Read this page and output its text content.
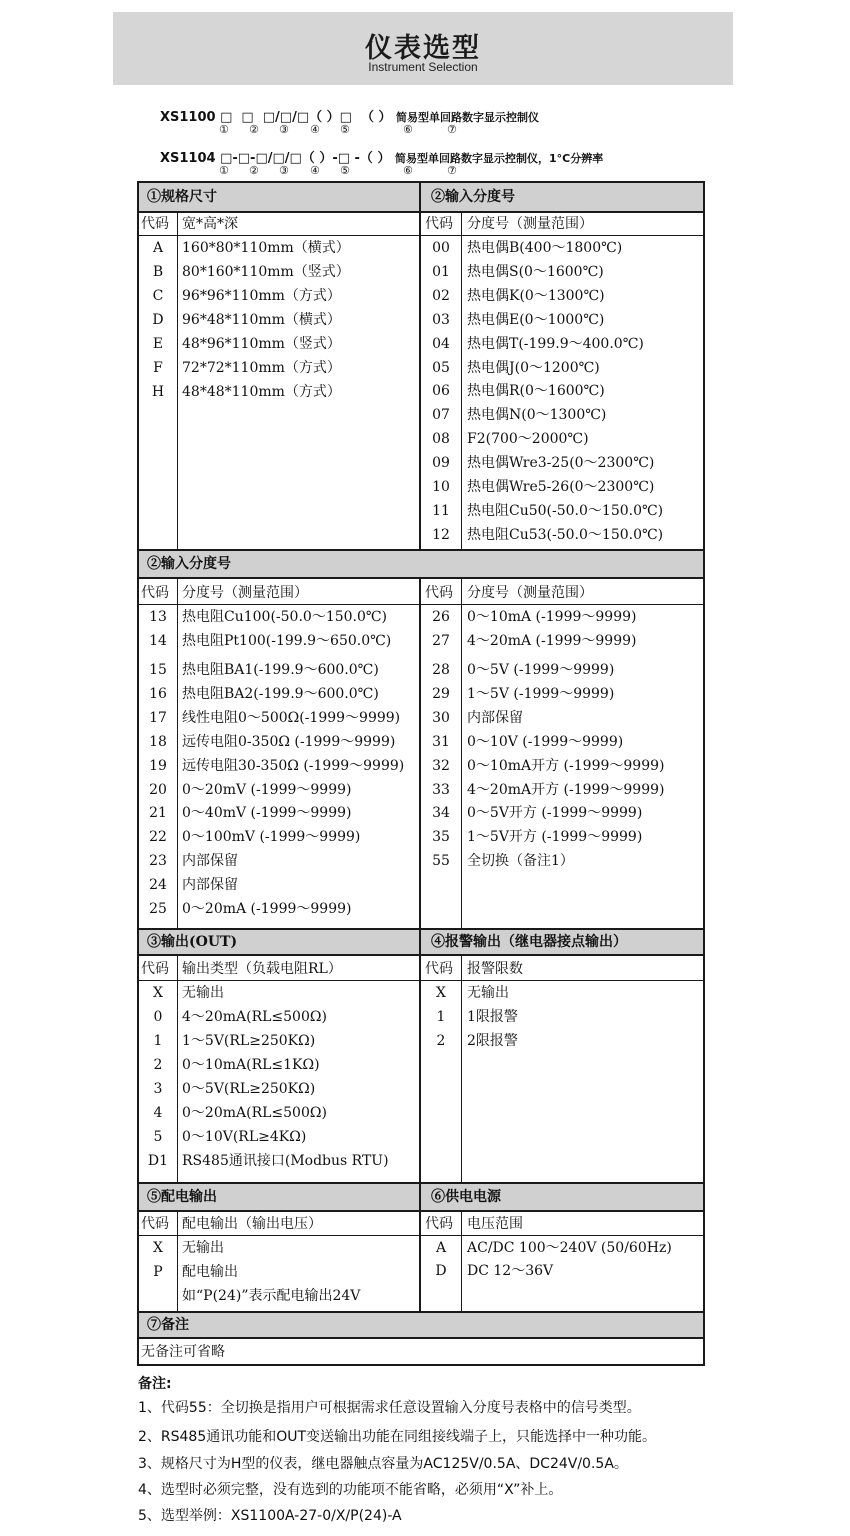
仪表选型
Instrument Selection
XS1100 □  □  □/□/□（ ）□  （ ） 简易型单回路数字显示控制仪
① ② ③ ④ ⑤	⑥	⑦
XS1104 □-□-□/□/□（ ）-□ -（ ） 简易型单回路数字显示控制仪，1°C分辨率
① ② ③ ④ ⑤	⑥	⑦
①规格尺寸	②输入分度号
代码 宽*高*深	代码 分度号（测量范围）
A	160*80*110mm（横式）
B	80*160*110mm（竖式）
C	96*96*110mm（方式）
D	96*48*110mm（横式）
E	48*96*110mm（竖式）
F	72*72*110mm（方式）
H	48*48*110mm（方式）
00	热电偶B(400～1800℃)
01	热电偶S(0～1600℃)
02	热电偶K(0～1300℃)
03	热电偶E(0～1000℃)
04	热电偶T(-199.9～400.0℃)
05	热电偶J(0～1200℃)
06	热电偶R(0～1600℃)
07	热电偶N(0～1300℃)
08	F2(700～2000℃)
09	热电偶Wre3-25(0～2300℃)
10	热电偶Wre5-26(0～2300℃)
11	热电阻Cu50(-50.0～150.0℃)
12	热电阻Cu53(-50.0～150.0℃)
②输入分度号
代码 分度号（测量范围）	代码 分度号（测量范围）
13	热电阻Cu100(-50.0～150.0℃)
14	热电阻Pt100(-199.9～650.0℃)
15	热电阻BA1(-199.9～600.0℃)
16	热电阻BA2(-199.9～600.0℃)
17	线性电阻0～500Ω(-1999～9999)
18	远传电阻0-350Ω (-1999～9999)
19	远传电阻30-350Ω (-1999～9999)
20	0～20mV (-1999～9999)
21	0～40mV (-1999～9999)
22	0～100mV (-1999～9999)
23	内部保留
24	内部保留
25	0～20mA (-1999～9999)
26	0～10mA (-1999～9999)
27	4～20mA (-1999～9999)
28	0～5V (-1999～9999)
29	1～5V (-1999～9999)
30	内部保留
31	0～10V (-1999～9999)
32	0～10mA开方 (-1999～9999)
33	4～20mA开方 (-1999～9999)
34	0～5V开方 (-1999～9999)
35	1～5V开方 (-1999～9999)
55	全切换（备注1）
③输出(OUT)	④报警输出（继电器接点输出）
代码 输出类型（负载电阻RL）	代码 报警限数
X	无输出
0	4～20mA(RL≤500Ω)
1	1～5V(RL≥250KΩ)
2	0～10mA(RL≤1KΩ)
3	0～5V(RL≥250KΩ)
4	0～20mA(RL≤500Ω)
5	0～10V(RL≥4KΩ)
D1 RS485通讯接口(Modbus RTU)
X	无输出
1	1限报警
2	2限报警
⑤配电输出	⑥供电电源
代码 配电输出（输出电压）	代码 电压范围
X	无输出
P	配电输出
如“P(24)”表示配电输出24V
A	AC/DC 100～240V (50/60Hz)
D	DC 12～36V
⑦备注
无备注可省略
备注:
1、代码55：全切换是指用户可根据需求任意设置输入分度号表格中的信号类型。
2、RS485通讯功能和OUT变送输出功能在同组接线端子上，只能选择中一种功能。
3、规格尺寸为H型的仪表，继电器触点容量为AC125V/0.5A、DC24V/0.5A。
4、选型时必须完整，没有选到的功能项不能省略，必须用“X”补上。
5、选型举例：XS1100A-27-0/X/P(24)-A
